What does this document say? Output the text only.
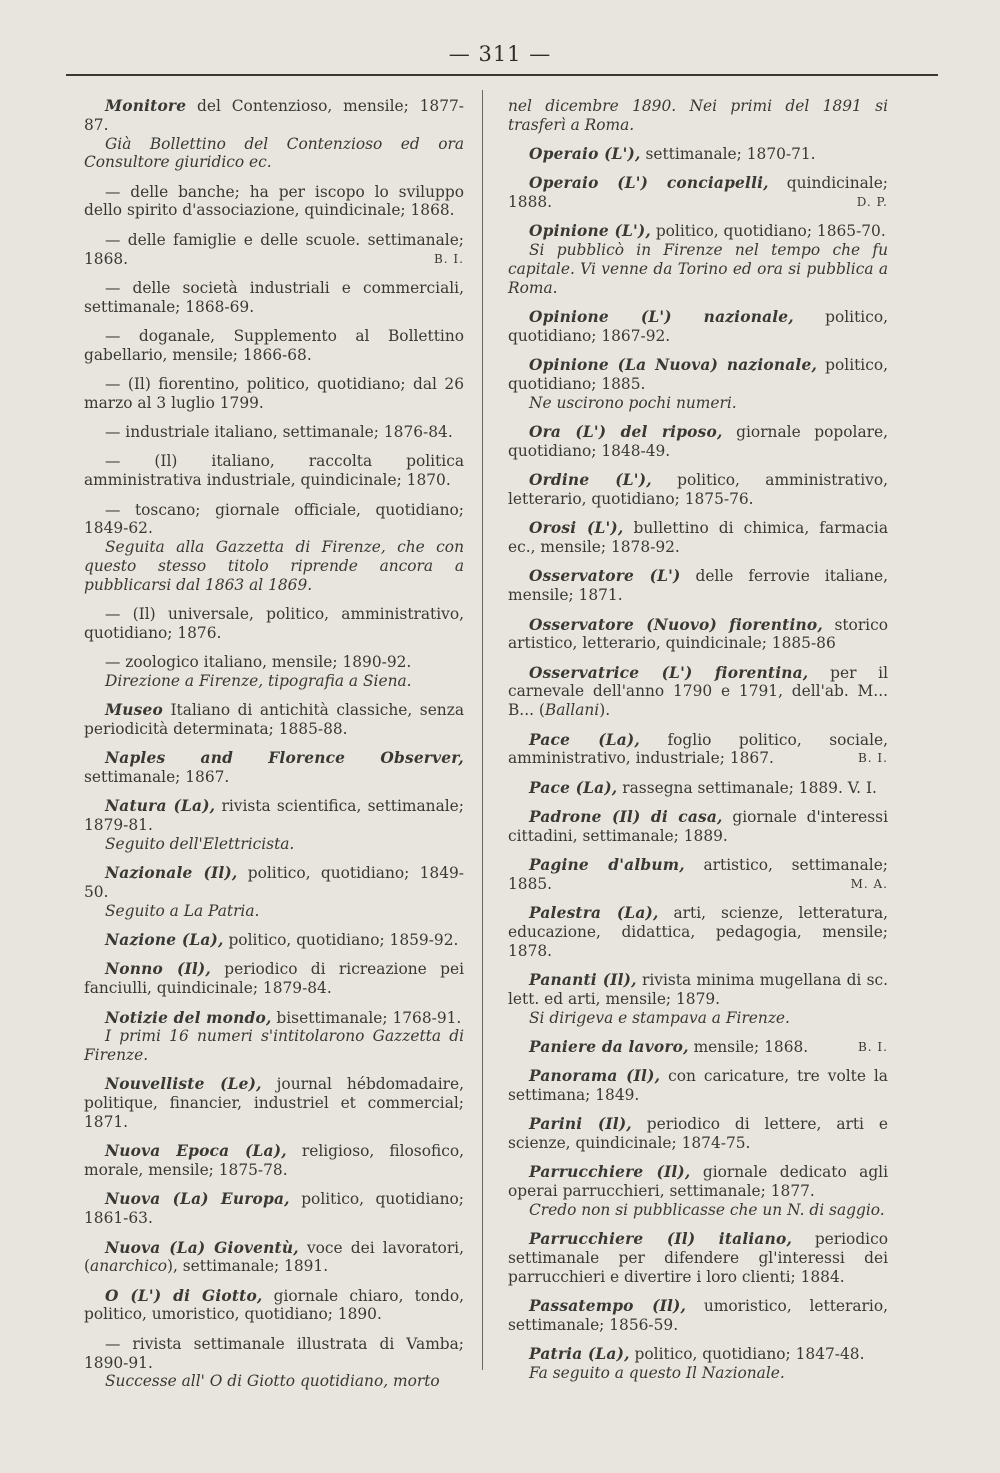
— 311 —

Monitore del Contenzioso, mensile; 1877-87.

Già Bollettino del Contenzioso ed ora Consultore giuridico ec.

— delle banche; ha per iscopo lo sviluppo dello spirito d'associazione, quindicinale; 1868.

— delle famiglie e delle scuole. settimanale; 1868.	B. I.

— delle società industriali e commerciali, settimanale; 1868-69.

— doganale, Supplemento al Bollettino gabellario, mensile; 1866-68.

— (Il) fiorentino, politico, quotidiano; dal 26 marzo al 3 luglio 1799.

— industriale italiano, settimanale; 1876-84.

— (Il) italiano, raccolta politica amministrativa industriale, quindicinale; 1870.

— toscano; giornale officiale, quotidiano; 1849-62.

Seguita alla Gazzetta di Firenze, che con questo stesso titolo riprende ancora a pubblicarsi dal 1863 al 1869.

— (Il) universale, politico, amministrativo, quotidiano; 1876.

— zoologico italiano, mensile; 1890-92.

Direzione a Firenze, tipografia a Siena.

Museo Italiano di antichità classiche, senza periodicità determinata; 1885-88.

Naples and Florence Observer, settimanale; 1867.

Natura (La), rivista scientifica, settimanale; 1879-81.

Seguito dell'Elettricista.

Nazionale (Il), politico, quotidiano; 1849-50.

Seguito a La Patria.

Nazione (La), politico, quotidiano; 1859-92.

Nonno (Il), periodico di ricreazione pei fanciulli, quindicinale; 1879-84.

Notizie del mondo, bisettimanale; 1768-91.

I primi 16 numeri s'intitolarono Gazzetta di Firenze.

Nouvelliste (Le), journal hébdomadaire, politique, financier, industriel et commercial; 1871.

Nuova Epoca (La), religioso, filosofico, morale, mensile; 1875-78.

Nuova (La) Europa, politico, quotidiano; 1861-63.

Nuova (La) Gioventù, voce dei lavoratori, (anarchico), settimanale; 1891.

O (L') di Giotto, giornale chiaro, tondo, politico, umoristico, quotidiano; 1890.

— rivista settimanale illustrata di Vamba; 1890-91.

Successe all' O di Giotto quotidiano, morto

nel dicembre 1890. Nei primi del 1891 si trasferì a Roma.

Operaio (L'), settimanale; 1870-71.

Operaio (L') conciapelli, quindicinale; 1888.	D. P.

Opinione (L'), politico, quotidiano; 1865-70.

Si pubblicò in Firenze nel tempo che fu capitale. Vi venne da Torino ed ora si pubblica a Roma.

Opinione (L') nazionale, politico, quotidiano; 1867-92.

Opinione (La Nuova) nazionale, politico, quotidiano; 1885.

Ne uscirono pochi numeri.

Ora (L') del riposo, giornale popolare, quotidiano; 1848-49.

Ordine (L'), politico, amministrativo, letterario, quotidiano; 1875-76.

Orosi (L'), bullettino di chimica, farmacia ec., mensile; 1878-92.

Osservatore (L') delle ferrovie italiane, mensile; 1871.

Osservatore (Nuovo) fiorentino, storico artistico, letterario, quindicinale; 1885-86

Osservatrice (L') fiorentina, per il carnevale dell'anno 1790 e 1791, dell'ab. M... B... (Ballani).

Pace (La), foglio politico, sociale, amministrativo, industriale; 1867.	B. I.

Pace (La), rassegna settimanale; 1889. V. I.

Padrone (Il) di casa, giornale d'interessi cittadini, settimanale; 1889.

Pagine d'album, artistico, settimanale; 1885.	M. A.

Palestra (La), arti, scienze, letteratura, educazione, didattica, pedagogia, mensile; 1878.

Pananti (Il), rivista minima mugellana di sc. lett. ed arti, mensile; 1879.

Si dirigeva e stampava a Firenze.

Paniere da lavoro, mensile; 1868.	B. I.

Panorama (Il), con caricature, tre volte la settimana; 1849.

Parini (Il), periodico di lettere, arti e scienze, quindicinale; 1874-75.

Parrucchiere (Il), giornale dedicato agli operai parrucchieri, settimanale; 1877.

Credo non si pubblicasse che un N. di saggio.

Parrucchiere (Il) italiano, periodico settimanale per difendere gl'interessi dei parrucchieri e divertire i loro clienti; 1884.

Passatempo (Il), umoristico, letterario, settimanale; 1856-59.

Patria (La), politico, quotidiano; 1847-48.

Fa seguito a questo Il Nazionale.
